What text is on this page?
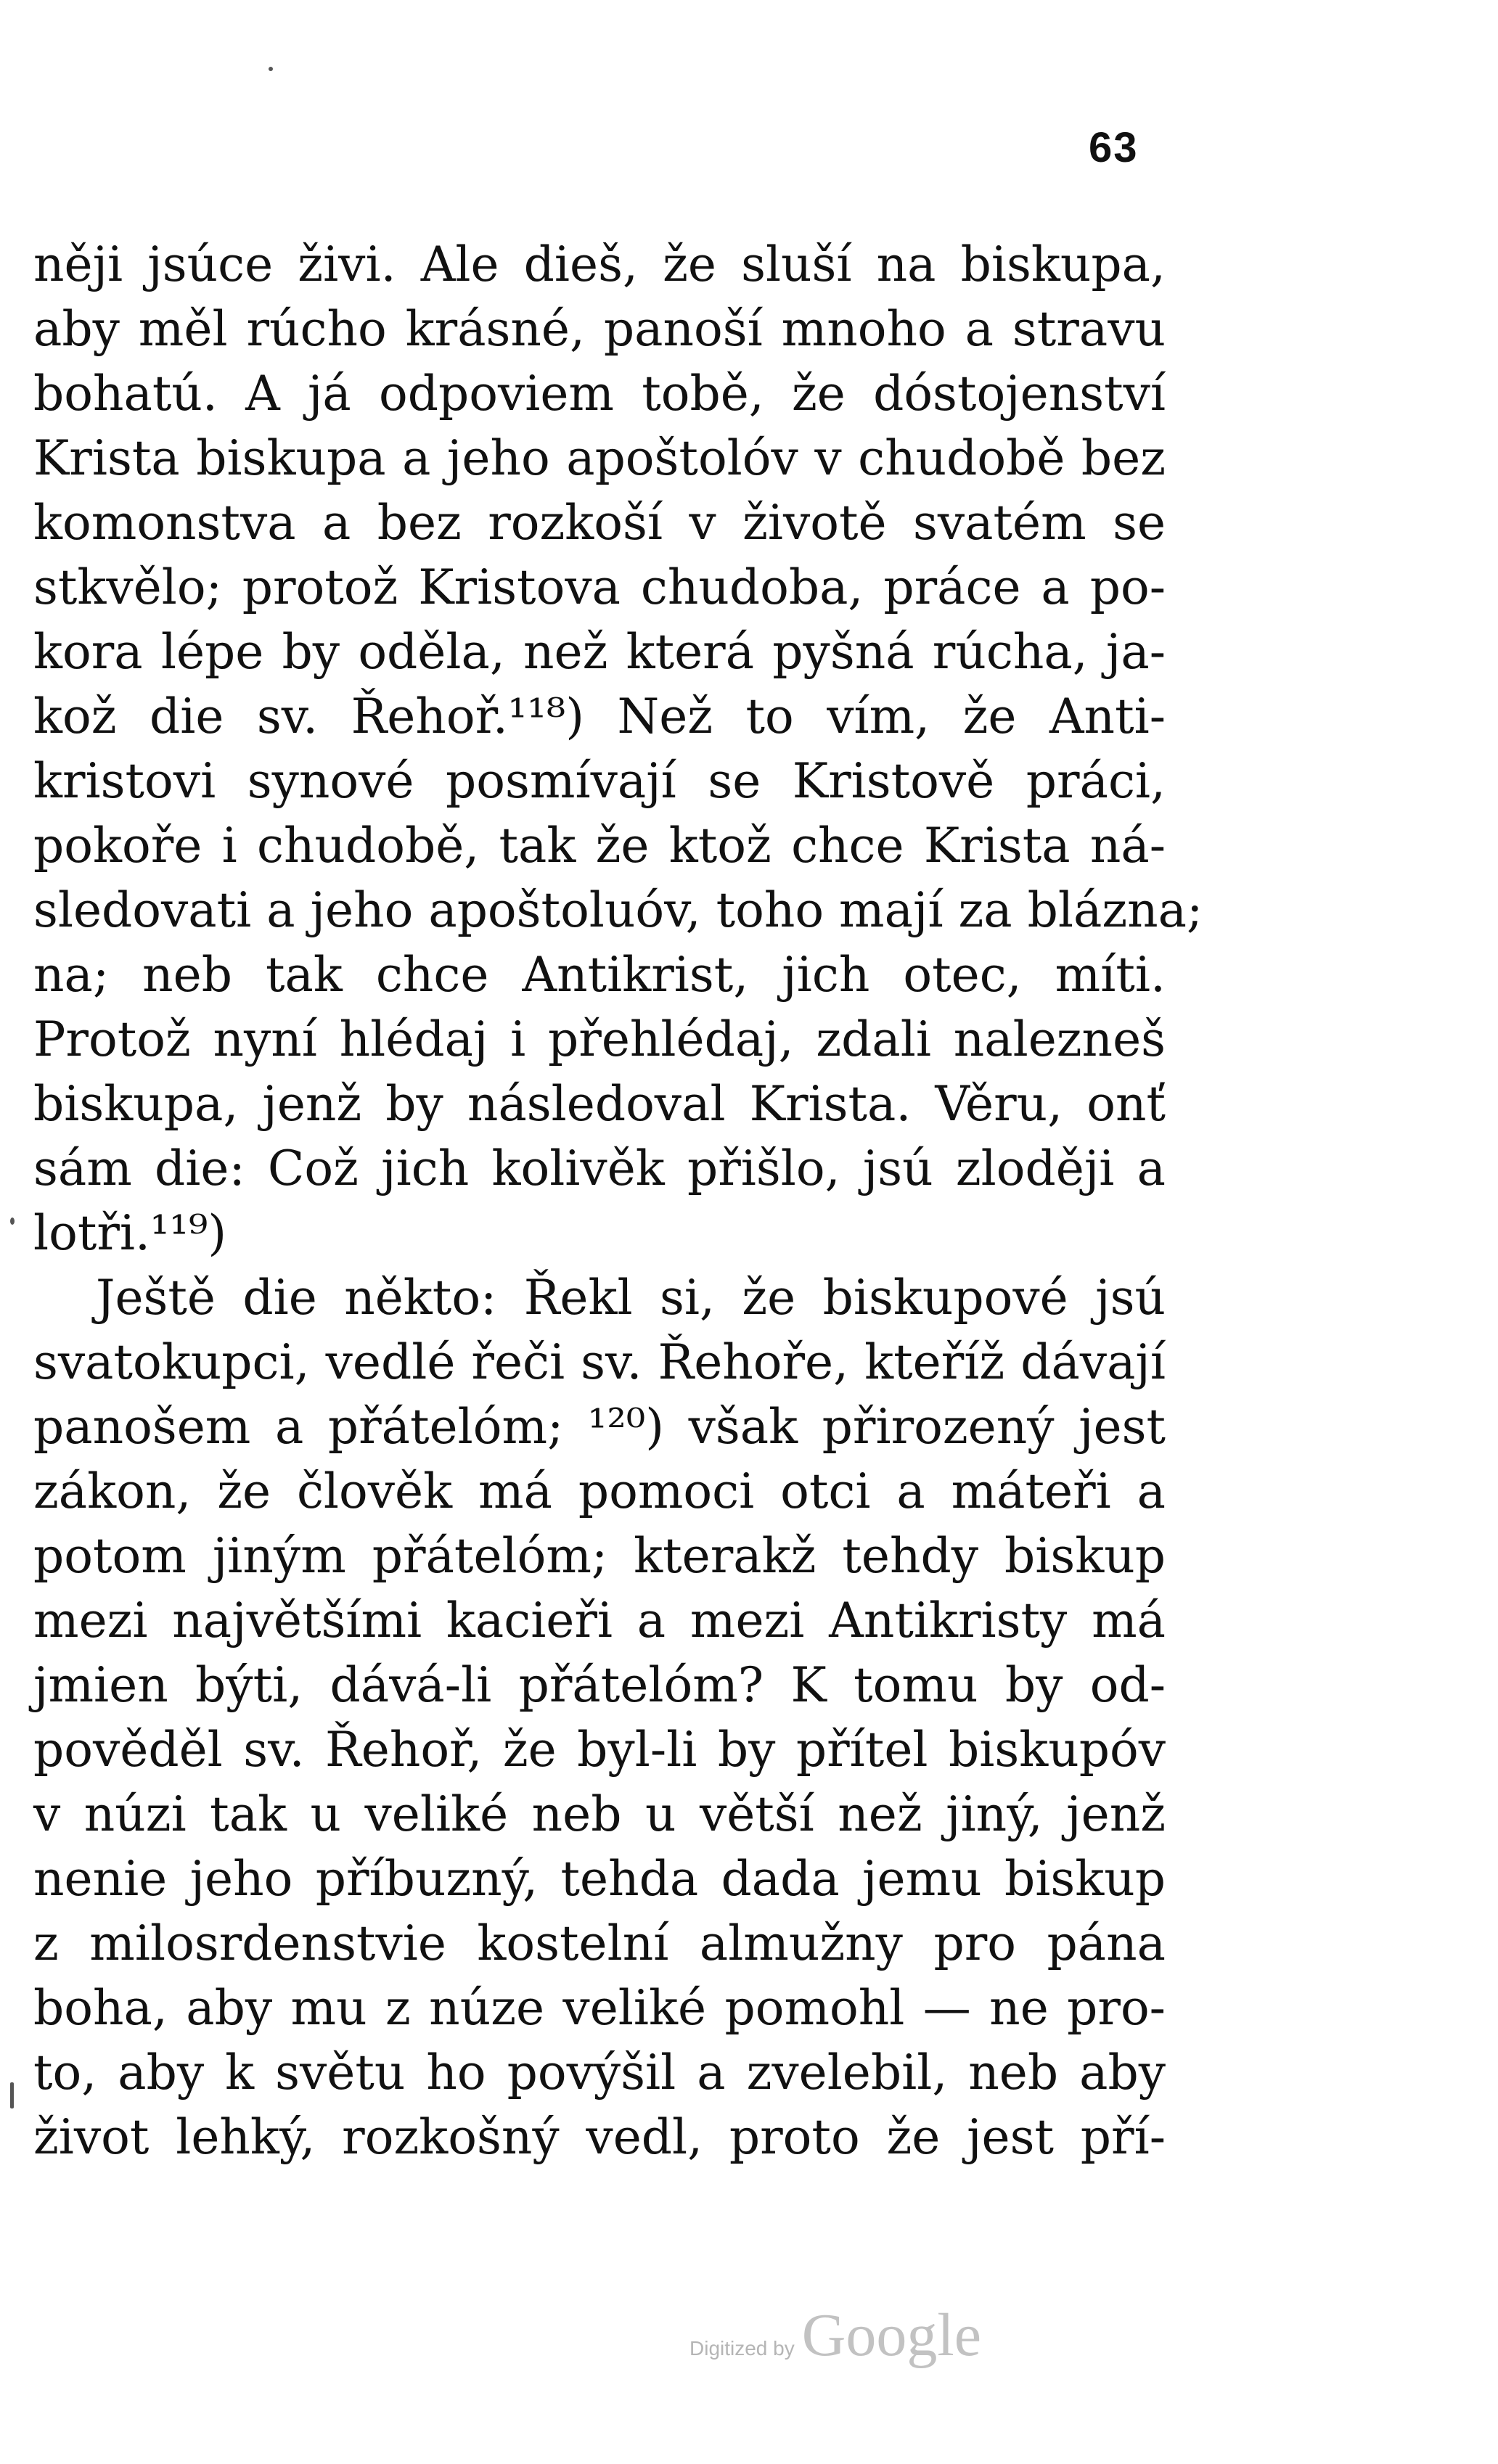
63
něji jsúce živi. Ale dieš, že sluší na biskupa,
aby měl rúcho krásné, panoší mnoho a stravu
bohatú. A já odpoviem tobě, že dóstojenství
Krista biskupa a jeho apoštolóv v chudobě bez
komonstva a bez rozkoší v životě svatém se
stkvělo; protož Kristova chudoba, práce a po-
kora lépe by oděla, než která pyšná rúcha, ja-
kož die sv. Řehoř.¹¹⁸) Než to vím, že Anti-
kristovi synové posmívají se Kristově práci,
pokoře i chudobě, tak že ktož chce Krista ná-
sledovati a jeho apoštoluóv, toho mají za blázna;
na; neb tak chce Antikrist, jich otec, míti.
Protož nyní hlédaj i přehlédaj, zdali nalezneš
biskupa, jenž by následoval Krista. Věru, onť
sám die: Což jich kolivěk přišlo, jsú zloději a
lotři.¹¹⁹)
Ještě die někto: Řekl si, že biskupové jsú
svatokupci, vedlé řeči sv. Řehoře, kteříž dávají
panošem a přátelóm; ¹²⁰) však přirozený jest
zákon, že člověk má pomoci otci a máteři a
potom jiným přátelóm; kterakž tehdy biskup
mezi najvětšími kacieři a mezi Antikristy má
jmien býti, dává-li přátelóm? K tomu by od-
pověděl sv. Řehoř, že byl-li by přítel biskupóv
v núzi tak u veliké neb u větší než jiný, jenž
nenie jeho příbuzný, tehda dada jemu biskup
z milosrdenstvie kostelní almužny pro pána
boha, aby mu z núze veliké pomohl — ne pro-
to, aby k světu ho povýšil a zvelebil, neb aby
život lehký, rozkošný vedl, proto že jest pří-
Digitized by Google
